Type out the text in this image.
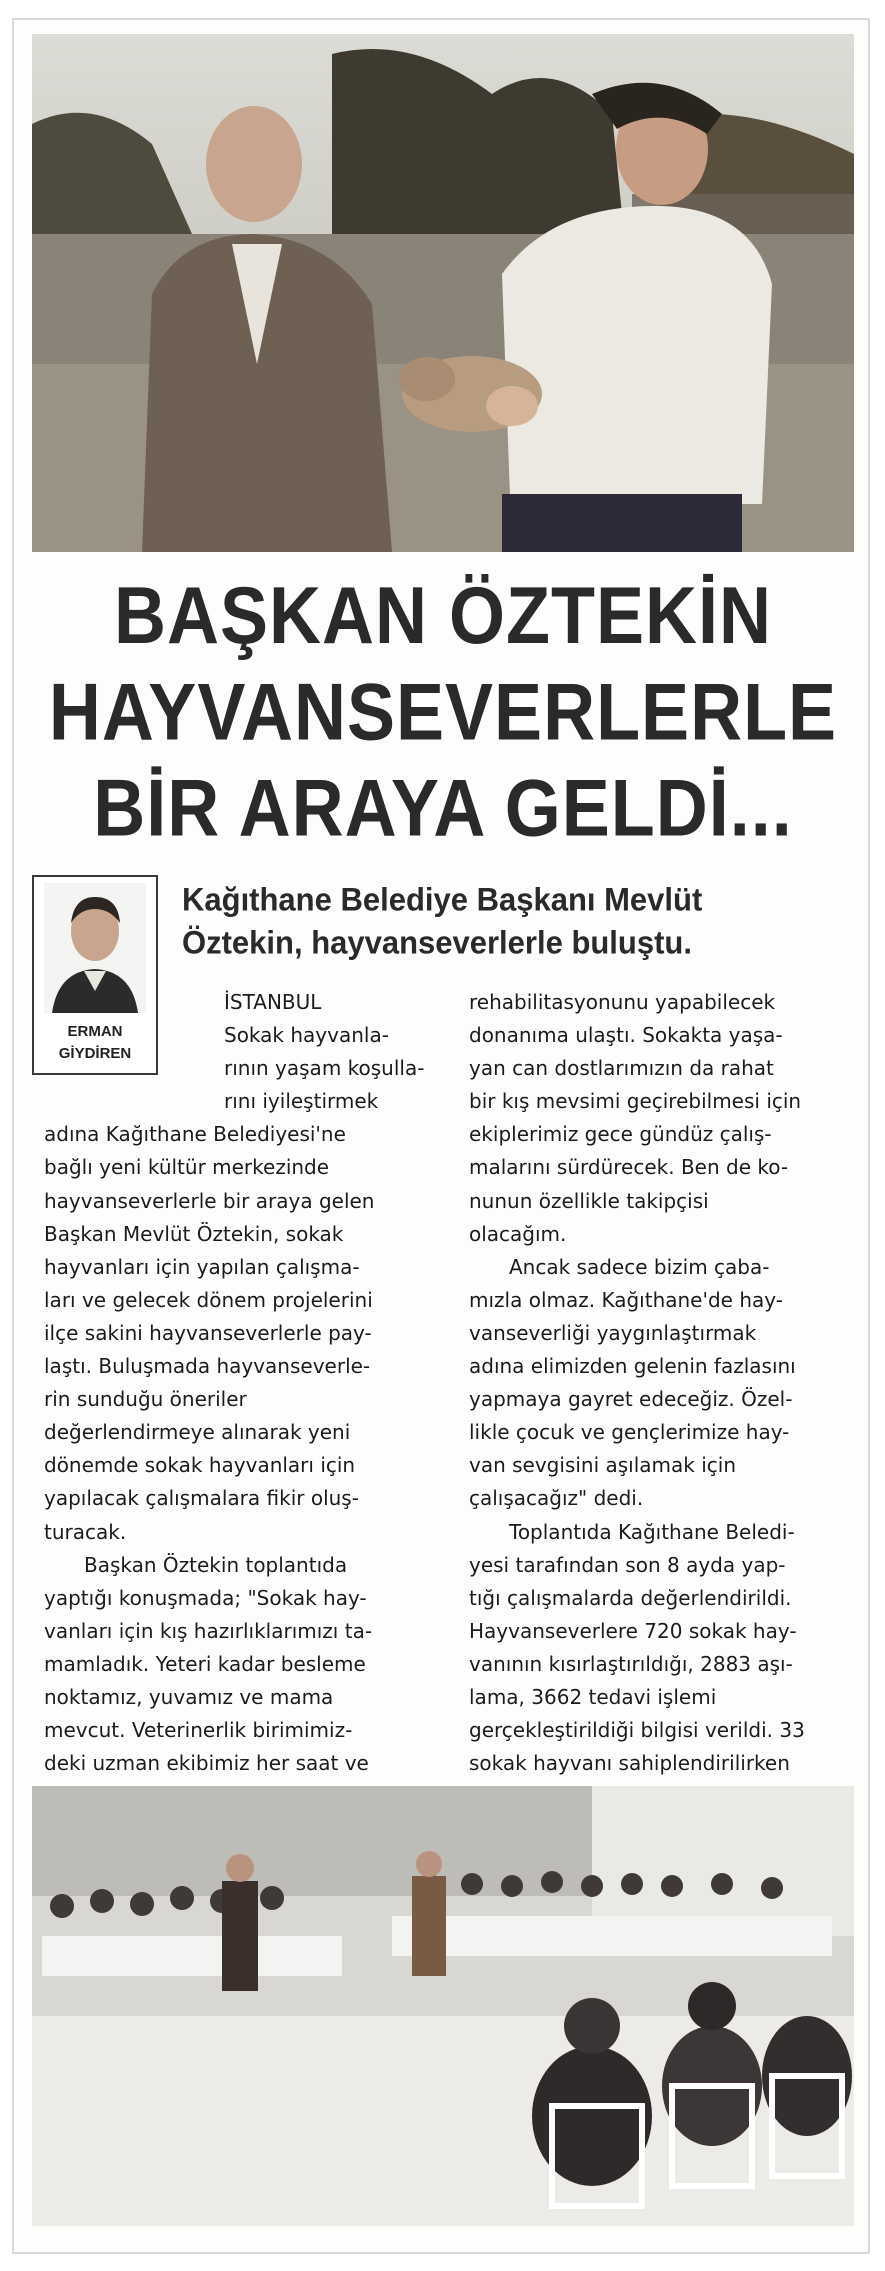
BAŞKAN ÖZTEKİN
HAYVANSEVERLERLE
BİR ARAYA GELDİ...
ERMAN
GİYDİREN
Kağıthane Belediye Başkanı Mevlüt
Öztekin, hayvanseverlerle buluştu.

İSTANBUL

Sokak hayvanla-

rının yaşam koşulla-

rını iyileştirmek

adına Kağıthane Belediyesi'ne

bağlı yeni kültür merkezinde

hayvanseverlerle bir araya gelen

Başkan Mevlüt Öztekin, sokak

hayvanları için yapılan çalışma-

ları ve gelecek dönem projelerini

ilçe sakini hayvanseverlerle pay-

laştı. Buluşmada hayvanseverle-

rin sunduğu öneriler

değerlendirmeye alınarak yeni

dönemde sokak hayvanları için

yapılacak çalışmalara fikir oluş-

turacak.

Başkan Öztekin toplantıda

yaptığı konuşmada; "Sokak hay-

vanları için kış hazırlıklarımızı ta-

mamladık. Yeteri kadar besleme

noktamız, yuvamız ve mama

mevcut. Veterinerlik birimimiz-

deki uzman ekibimiz her saat ve

rehabilitasyonunu yapabilecek

donanıma ulaştı. Sokakta yaşa-

yan can dostlarımızın da rahat

bir kış mevsimi geçirebilmesi için

ekiplerimiz gece gündüz çalış-

malarını sürdürecek. Ben de ko-

nunun özellikle takipçisi

olacağım.

Ancak sadece bizim çaba-

mızla olmaz. Kağıthane'de hay-

vanseverliği yaygınlaştırmak

adına elimizden gelenin fazlasını

yapmaya gayret edeceğiz. Özel-

likle çocuk ve gençlerimize hay-

van sevgisini aşılamak için

çalışacağız" dedi.

Toplantıda Kağıthane Beledi-

yesi tarafından son 8 ayda yap-

tığı çalışmalarda değerlendirildi.

Hayvanseverlere 720 sokak hay-

vanının kısırlaştırıldığı, 2883 aşı-

lama, 3662 tedavi işlemi

gerçekleştirildiği bilgisi verildi. 33

sokak hayvanı sahiplendirilirken
